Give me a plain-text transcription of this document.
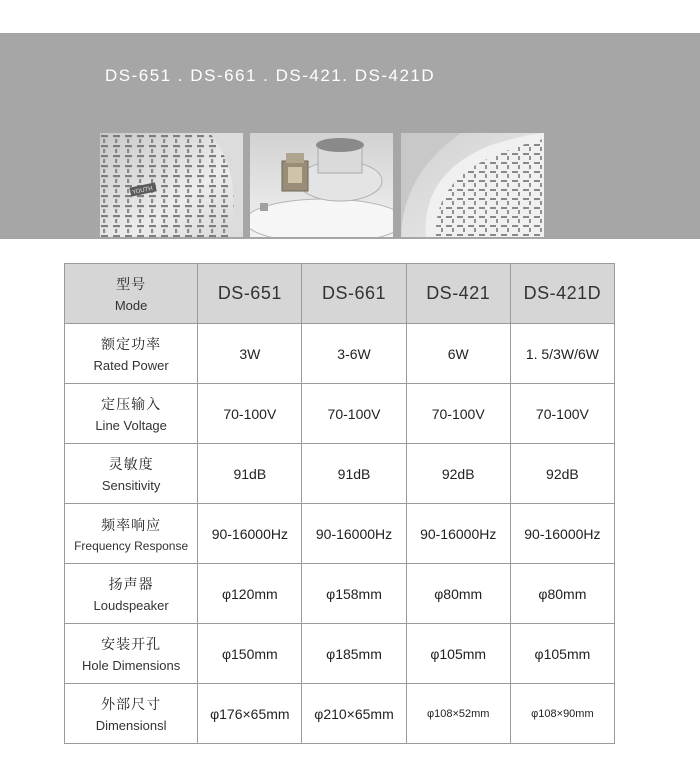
DS-651 . DS-661 . DS-421. DS-421D
YOUTH
型号
Mode	DS-651	DS-661	DS-421	DS-421D

额定功率
Rated Power	3W	3-6W	6W	1. 5/3W/6W

定压输入
Line Voltage	70-100V	70-100V	70-100V	70-100V

灵敏度
Sensitivity	91dB	91dB	92dB	92dB

频率响应
Frequency Response	90-16000Hz	90-16000Hz	90-16000Hz	90-16000Hz

扬声器
Loudspeaker	φ120mm	φ158mm	φ80mm	φ80mm

安装开孔
Hole Dimensions	φ150mm	φ185mm	φ105mm	φ105mm

外部尺寸
Dimensionsl	φ176×65mm	φ210×65mm	φ108×52mm	φ108×90mm
